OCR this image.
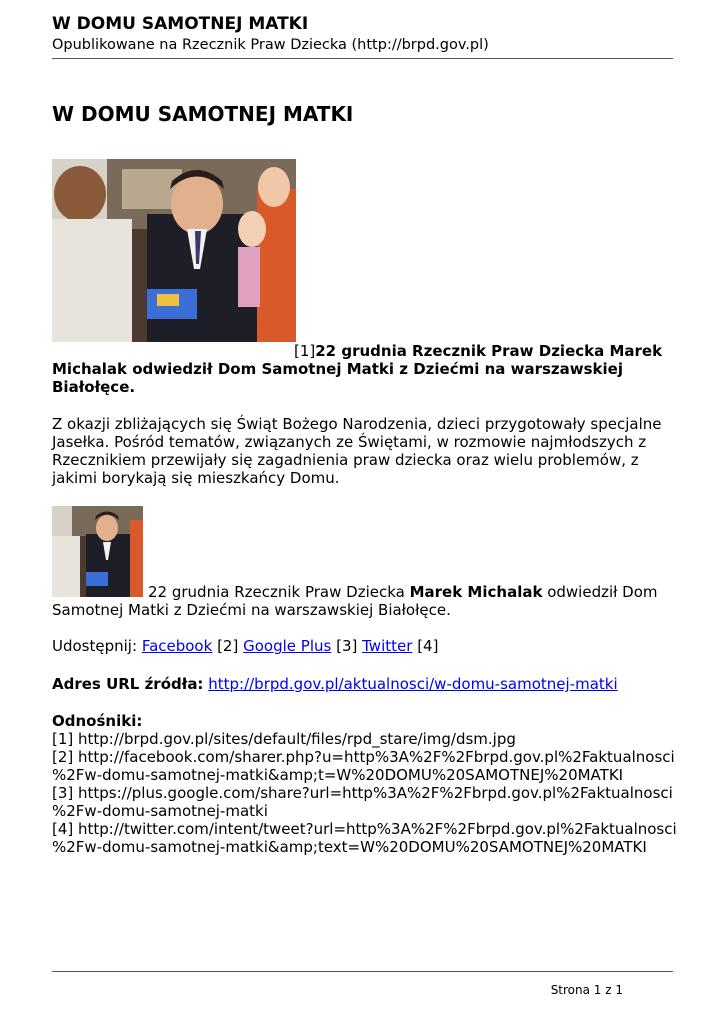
W DOMU SAMOTNEJ MATKI
Opublikowane na Rzecznik Praw Dziecka (http://brpd.gov.pl)
W DOMU SAMOTNEJ MATKI
[1]22 grudnia Rzecznik Praw Dziecka Marek Michalak odwiedził Dom Samotnej Matki z Dziećmi na warszawskiej Białołęce.
Z okazji zbliżających się Świąt Bożego Narodzenia, dzieci przygotowały specjalne Jasełka. Pośród tematów, związanych ze Świętami, w rozmowie najmłodszych z Rzecznikiem przewijały się zagadnienia praw dziecka oraz wielu problemów, z jakimi borykają się mieszkańcy Domu.
22 grudnia Rzecznik Praw Dziecka Marek Michalak odwiedził Dom Samotnej Matki z Dziećmi na warszawskiej Białołęce.
Udostępnij: Facebook [2] Google Plus [3] Twitter [4]
Adres URL źródła: http://brpd.gov.pl/aktualnosci/w-domu-samotnej-matki
Odnośniki:
[1] http://brpd.gov.pl/sites/default/files/rpd_stare/img/dsm.jpg
[2] http://facebook.com/sharer.php?u=http%3A%2F%2Fbrpd.gov.pl%2Faktualnosci
%2Fw-domu-samotnej-matki&amp;t=W%20DOMU%20SAMOTNEJ%20MATKI
[3] https://plus.google.com/share?url=http%3A%2F%2Fbrpd.gov.pl%2Faktualnosci
%2Fw-domu-samotnej-matki
[4] http://twitter.com/intent/tweet?url=http%3A%2F%2Fbrpd.gov.pl%2Faktualnosci
%2Fw-domu-samotnej-matki&amp;text=W%20DOMU%20SAMOTNEJ%20MATKI
Strona 1 z 1
